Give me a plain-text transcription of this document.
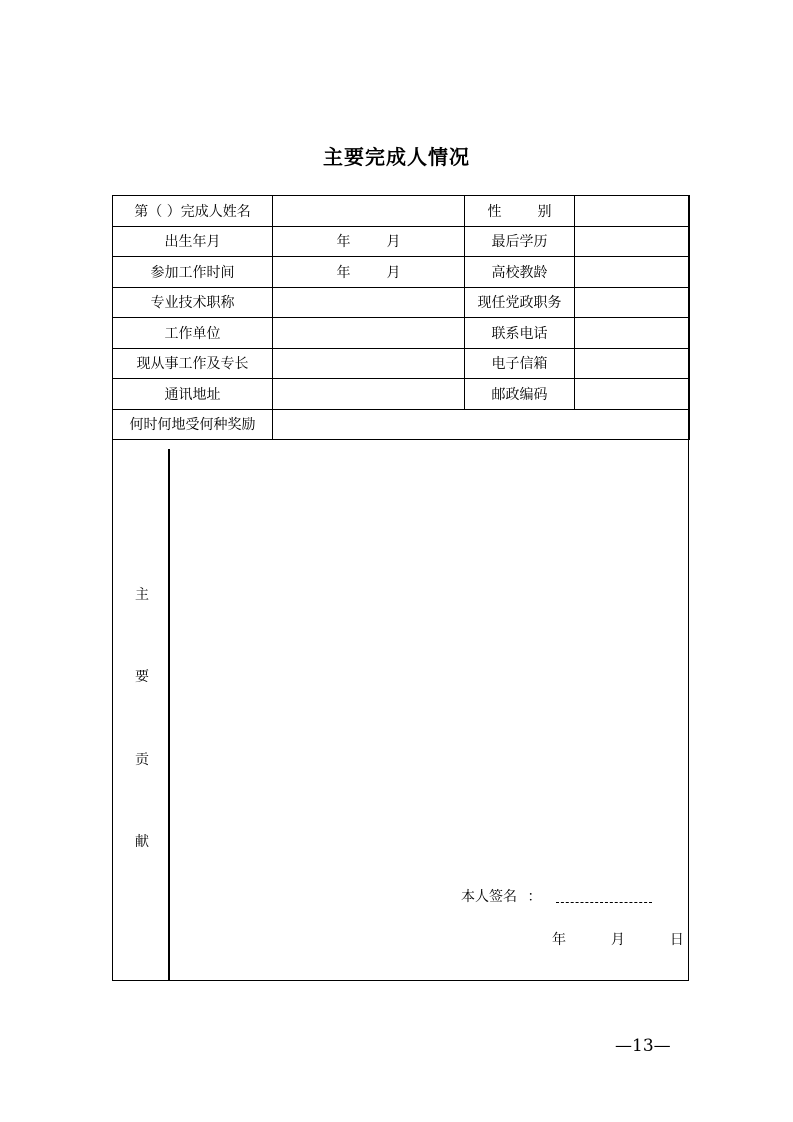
主要完成人情况
第（ ）完成人姓名		性 别	
出生年月	年 月	最后学历	
参加工作时间	年 月	高校教龄	
专业技术职称		现任党政职务	
工作单位		联系电话	
现从事工作及专长		电子信箱	
通讯地址		邮政编码	
何时何地受何种奖励			
主
要
贡
献
本人签名 ：
年	月	日
—13—
